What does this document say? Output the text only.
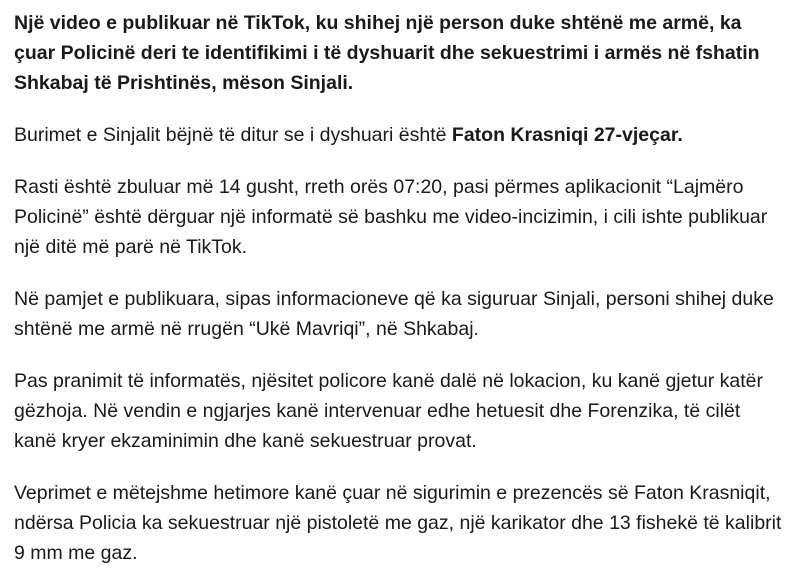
Një video e publikuar në TikTok, ku shihej një person duke shtënë me armë, ka çuar Policinë deri te identifikimi i të dyshuarit dhe sekuestrimi i armës në fshatin Shkabaj të Prishtinës, mëson Sinjali.

Burimet e Sinjalit bëjnë të ditur se i dyshuari është Faton Krasniqi 27-vjeçar.

Rasti është zbuluar më 14 gusht, rreth orës 07:20, pasi përmes aplikacionit “Lajmëro Policinë” është dërguar një informatë së bashku me video-incizimin, i cili ishte publikuar një ditë më parë në TikTok.

Në pamjet e publikuara, sipas informacioneve që ka siguruar Sinjali, personi shihej duke shtënë me armë në rrugën “Ukë Mavriqi”, në Shkabaj.

Pas pranimit të informatës, njësitet policore kanë dalë në lokacion, ku kanë gjetur katër gëzhoja. Në vendin e ngjarjes kanë intervenuar edhe hetuesit dhe Forenzika, të cilët kanë kryer ekzaminimin dhe kanë sekuestruar provat.

Veprimet e mëtejshme hetimore kanë çuar në sigurimin e prezencës së Faton Krasniqit, ndërsa Policia ka sekuestruar një pistoletë me gaz, një karikator dhe 13 fishekë të kalibrit 9 mm me gaz.
